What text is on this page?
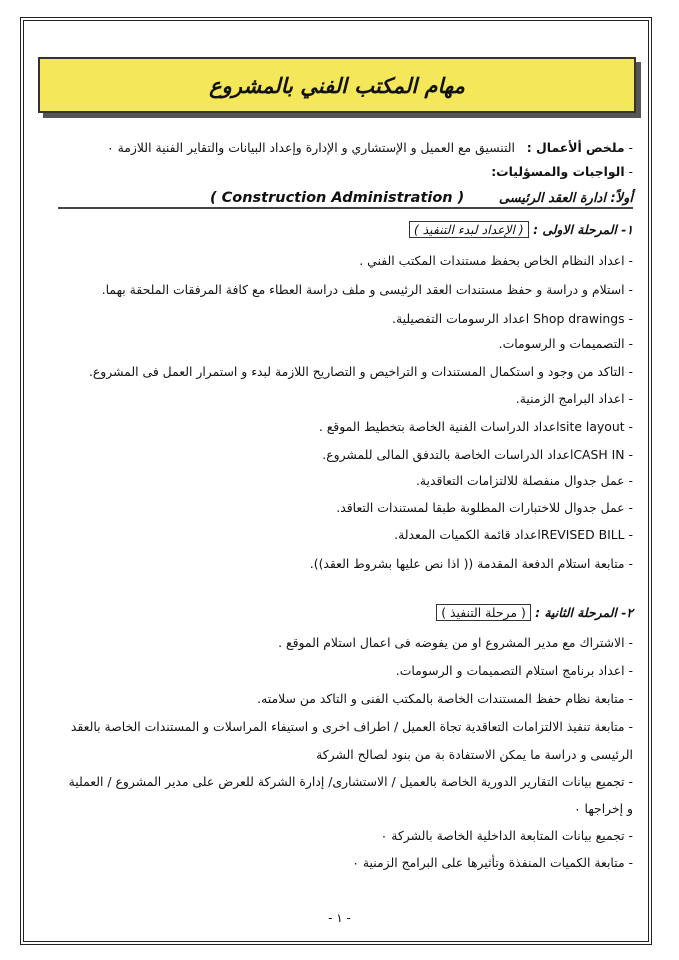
مهام المكتب الفني بالمشروع
- ملخص ألأعمال :   التنسيق مع العميل و الإستشاري و الإدارة وإعداد البيانات والتقاير الفنية اللازمة ٠
- الواجبات والمسؤليات:
أولاً: ادارة العقد الرئيسى ( Construction Administration )
١- المرحلة الاولى : ( الإعداد لبدء التنفيذ )
- اعداد النظام الخاص بحفظ مستندات المكتب الفني .
- استلام و دراسة و حفظ مستندات العقد الرئيسى و ملف دراسة العطاء مع كافة المرفقات الملحقة بهما.
- Shop drawings اعداد الرسومات التفصيلية.
- التصميمات و الرسومات.
- التاكد من وجود و استكمال المستندات و التراخيص و التصاريح اللازمة لبدء و استمرار العمل فى المشروع.
- اعداد البرامج الزمنية.
- site layoutاعداد الدراسات الفنية الخاصة بتخطيط الموقع .
- CASH INاعداد الدراسات الخاصة بالتدفق المالى للمشروع.
- عمل جدوال منفصلة للالتزامات التعاقدية.
- عمل جدوال للاختبارات المطلوبة طبقا لمستندات التعاقد.
- REVISED BILLاعداد قائمة الكميات المعدلة.
- متابعة استلام الدفعة المقدمة (( اذا نص عليها بشروط العقد)).
٢- المرحلة الثانية : ( مرحلة التنفيذ )
- الاشتراك مع مدير المشروع او من يفوضه فى اعمال استلام الموقع .
- اعداد برنامج استلام التصميمات و الرسومات.
- متابعة نظام حفظ المستندات الخاصة بالمكتب الفنى و التاكد من سلامته.
- متابعة تنفيذ الالتزامات التعاقدية تجاة العميل / اطراف اخرى و استيفاء المراسلات و المستندات الخاصة بالعقد
الرئيسى و دراسة ما يمكن الاستفادة بة من بنود لصالح الشركة
- تجميع بيانات التقارير الدورية الخاصة بالعميل / الاستشارى/ إدارة الشركة للعرض على مدير المشروع / العملية
و إخراجها ٠
- تجميع بيانات المتابعة الداخلية الخاصة بالشركة ٠
- متابعة الكميات المنفذة وتأثيرها على البرامج الزمنية ٠
- ١ -
